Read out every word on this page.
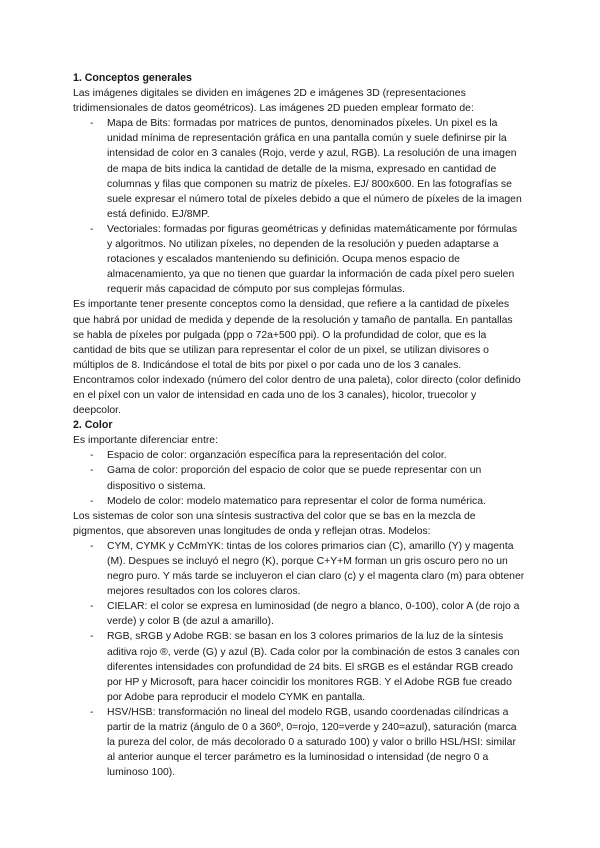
1. Conceptos generales

Las imágenes digitales se dividen en imágenes 2D e imágenes 3D (representaciones tridimensionales de datos geométricos). Las imágenes 2D pueden emplear formato de:

- Mapa de Bits: formadas por matrices de puntos, denominados píxeles. Un pixel es la unidad mínima de representación gráfica en una pantalla común y suele definirse pir la intensidad de color en 3 canales (Rojo, verde y azul, RGB). La resolución de una imagen de mapa de bits indica la cantidad de detalle de la misma, expresado en cantidad de columnas y filas que componen su matriz de píxeles. EJ/ 800x600. En las fotografías se suele expresar el número total de píxeles debido a que el número de píxeles de la imagen está definido. EJ/8MP.
- Vectoriales: formadas por figuras geométricas y definidas matemáticamente por fórmulas y algoritmos. No utilizan píxeles, no dependen de la resolución y pueden adaptarse a rotaciones y escalados manteniendo su definición. Ocupa menos espacio de almacenamiento, ya que no tienen que guardar la información de cada píxel pero suelen requerir más capacidad de cómputo por sus complejas fórmulas.

Es importante tener presente conceptos como la densidad, que refiere a la cantidad de píxeles que habrá por unidad de medida y depende de la resolución y tamaño de pantalla. En pantallas se habla de píxeles por pulgada (ppp o 72a+500 ppi). O la profundidad de color, que es la cantidad de bits que se utilizan para representar el color de un pixel, se utilizan divisores o múltiplos de 8. Indicándose el total de bits por pixel o por cada uno de los 3 canales. Encontramos color indexado (número del color dentro de una paleta), color directo (color definido en el píxel con un valor de intensidad en cada uno de los 3 canales), hicolor, truecolor y deepcolor.

2. Color

Es importante diferenciar entre:

- Espacio de color: organzación específica para la representación del color.
- Gama de color: proporción del espacio de color que se puede representar con un dispositivo o sistema.
- Modelo de color: modelo matematico para representar el color de forma numérica.

Los sistemas de color son una síntesis sustractiva del color que se bas en la mezcla de pigmentos, que absoreven unas longitudes de onda y reflejan otras. Modelos:

- CYM, CYMK y CcMmYK: tintas de los colores primarios cian (C), amarillo (Y) y magenta (M). Despues se incluyó el negro (K), porque C+Y+M forman un gris oscuro pero no un negro puro. Y más tarde se incluyeron el cian claro (c) y el magenta claro (m) para obtener mejores resultados con los colores claros.
- CIELAR: el color se expresa en luminosidad (de negro a blanco, 0-100), color A (de rojo a verde) y color B (de azul a amarillo).
- RGB, sRGB y Adobe RGB: se basan en los 3 colores primarios de la luz de la síntesis aditiva rojo ®, verde (G) y azul (B). Cada color por la combinación de estos 3 canales con diferentes intensidades con profundidad de 24 bits. El sRGB es el estándar RGB creado por HP y Microsoft, para hacer coincidir los monitores RGB. Y el Adobe RGB fue creado por Adobe para reproducir el modelo CYMK en pantalla.
- HSV/HSB: transformación no lineal del modelo RGB, usando coordenadas cilíndricas a partir de la matriz (ángulo de 0 a 360º, 0=rojo, 120=verde y 240=azul), saturación (marca la pureza del color, de más decolorado 0 a saturado 100) y valor o brillo HSL/HSI: similar al anterior aunque el tercer parámetro es la luminosidad o intensidad (de negro 0 a luminoso 100).
